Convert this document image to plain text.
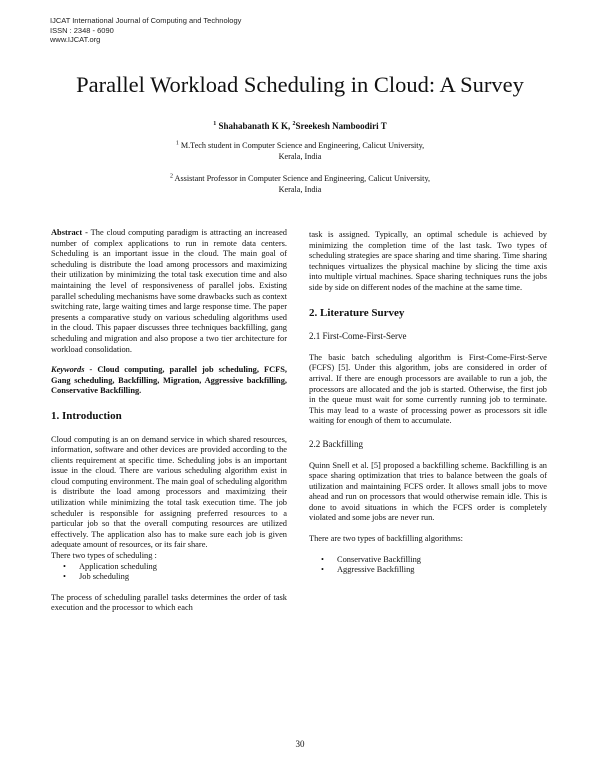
IJCAT International Journal of Computing and Technology
ISSN : 2348 - 6090
www.IJCAT.org
Parallel Workload Scheduling in Cloud: A Survey
$^1$ Shahabanath K K, $^2$Sreekesh Namboodiri T
$^1$ M.Tech student in Computer Science and Engineering, Calicut University,
Kerala, India
$^2$ Assistant Professor in Computer Science and Engineering, Calicut University,
Kerala, India

Abstract - The cloud computing paradigm is attracting an increased number of complex applications to run in remote data centers. Scheduling is an important issue in the cloud. The main goal of scheduling is distribute the load among processors and maximizing their utilization by minimizing the total task execution time and also maintaining the level of responsiveness of parallel jobs. Existing parallel scheduling mechanisms have some drawbacks such as context switching rate, large waiting times and large response time. The paper presents a comparative study on various scheduling algorithms used in the cloud. This papaer discusses three techniques backfilling, gang scheduling and migration and also propose a two tier architecture for workload consolidation.

Keywords - Cloud computing, parallel job scheduling, FCFS, Gang scheduling, Backfilling, Migration, Aggressive backfilling, Conservative Backfilling.

1. Introduction

Cloud computing is an on demand service in which shared resources, information, software and other devices are provided according to the clients requirement at specific time. Scheduling jobs is an important issue in the cloud. There are various scheduling algorithm exist in cloud computing environment. The main goal of scheduling algorithm is distribute the load among processors and maximizing their utilization while minimizing the total task execution time. The job scheduler is responsible for assigning preferred resources to a particular job so that the overall computing resources are utilized effectively. The application also has to make sure each job is given adequate amount of resources, or its fair share.

There two types of scheduling :

• Application scheduling
• Job scheduling

The process of scheduling parallel tasks determines the order of task execution and the processor to which each

task is assigned. Typically, an optimal schedule is achieved by minimizing the completion time of the last task. Two types of scheduling strategies are space sharing and time sharing. Time sharing techniques virtualizes the physical machine by slicing the time axis into multiple virtual machines. Space sharing techniques runs the jobs side by side on different nodes of the machine at the same time.

2. Literature Survey
2.1 First-Come-First-Serve

The basic batch scheduling algorithm is First-Come-First-Serve (FCFS) [5]. Under this algorithm, jobs are considered in order of arrival. If there are enough processors are available to run a job, the processors are allocated and the job is started. Otherwise, the first job in the queue must wait for some currently running job to terminate. This may lead to a waste of processing power as processors sit idle waiting for enough of them to accumulate.

2.2 Backfilling

Quinn Snell et al. [5] proposed a backfilling scheme. Backfilling is an space sharing optimization that tries to balance between the goals of utilization and maintaining FCFS order. It allows small jobs to move ahead and run on processors that would otherwise remain idle. This is done to avoid situations in which the FCFS order is completely violated and some jobs are never run.

There are two types of backfilling algorithms:

• Conservative Backfilling
• Aggressive Backfilling
30
